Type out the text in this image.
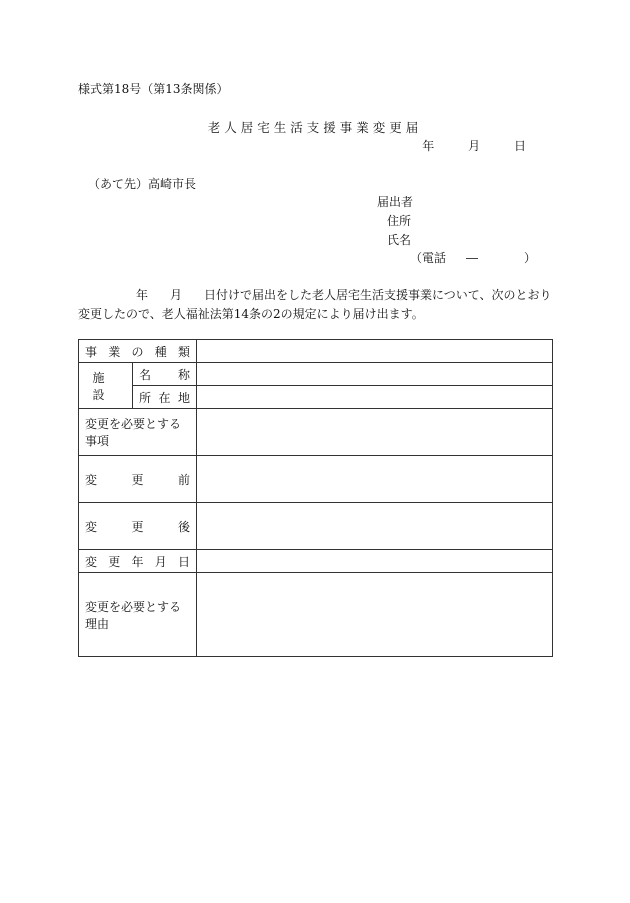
様式第18号（第13条関係）
老人居宅生活支援事業変更届
年	月	日
（あて先）高崎市長
届出者
住所
氏名
（電話 ―	）
年 月 日付けで届出をした老人居宅生活支援事業について、次のとおり変更したので、老人福祉法第14条の2の規定により届け出ます。
事業の種類		
施設	名称	
	所在地	
変更を必要とする事項		
変更前		
変更後		
変更年月日		
変更を必要とする理由		
